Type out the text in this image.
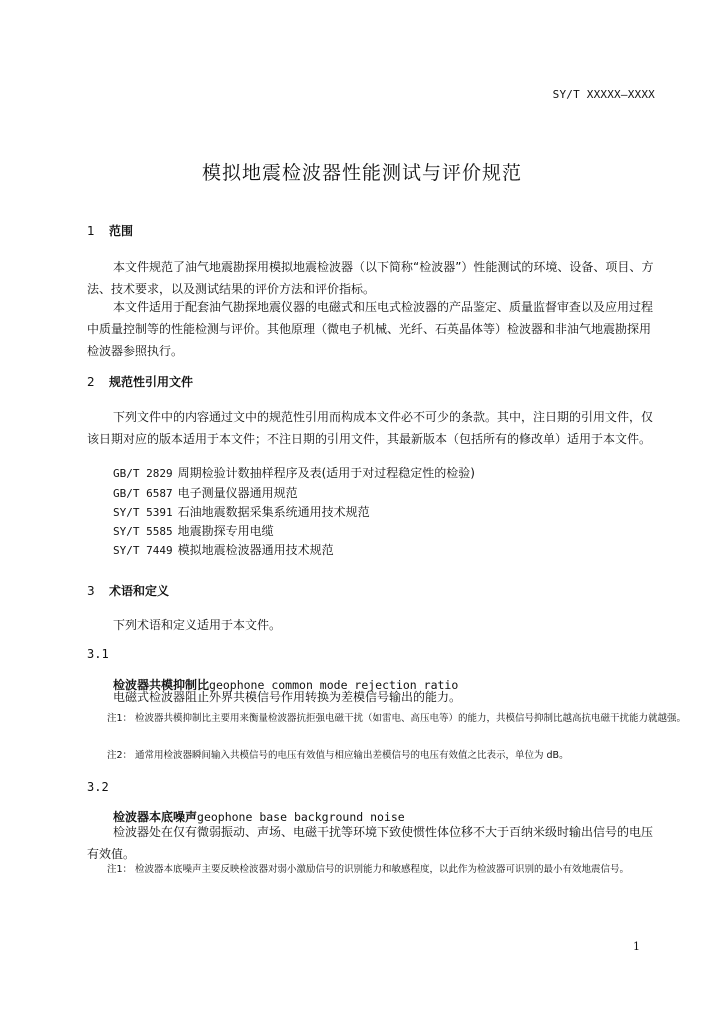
SY/T XXXXX—XXXX
模拟地震检波器性能测试与评价规范
1 范围

本文件规范了油气地震勘探用模拟地震检波器（以下简称“检波器”）性能测试的环境、设备、项目、方法、技术要求，以及测试结果的评价方法和评价指标。

本文件适用于配套油气勘探地震仪器的电磁式和压电式检波器的产品鉴定、质量监督审查以及应用过程中质量控制等的性能检测与评价。其他原理（微电子机械、光纤、石英晶体等）检波器和非油气地震勘探用检波器参照执行。

2 规范性引用文件

下列文件中的内容通过文中的规范性引用而构成本文件必不可少的条款。其中，注日期的引用文件，仅该日期对应的版本适用于本文件；不注日期的引用文件，其最新版本（包括所有的修改单）适用于本文件。

GB/T 2829 周期检验计数抽样程序及表(适用于对过程稳定性的检验)
GB/T 6587 电子测量仪器通用规范
SY/T 5391 石油地震数据采集系统通用技术规范
SY/T 5585 地震勘探专用电缆
SY/T 7449 模拟地震检波器通用技术规范
3 术语和定义

下列术语和定义适用于本文件。

3.1
检波器共模抑制比geophone common mode rejection ratio

电磁式检波器阻止外界共模信号作用转换为差模信号输出的能力。

注1： 检波器共模抑制比主要用来衡量检波器抗拒强电磁干扰（如雷电、高压电等）的能力，共模信号抑制比越高抗电磁干扰能力就越强。

注2： 通常用检波器瞬间输入共模信号的电压有效值与相应输出差模信号的电压有效值之比表示，单位为 dB。

3.2
检波器本底噪声geophone base background noise

检波器处在仅有微弱振动、声场、电磁干扰等环境下致使惯性体位移不大于百纳米级时输出信号的电压有效值。

注1： 检波器本底噪声主要反映检波器对弱小激励信号的识别能力和敏感程度，以此作为检波器可识别的最小有效地震信号。

1
